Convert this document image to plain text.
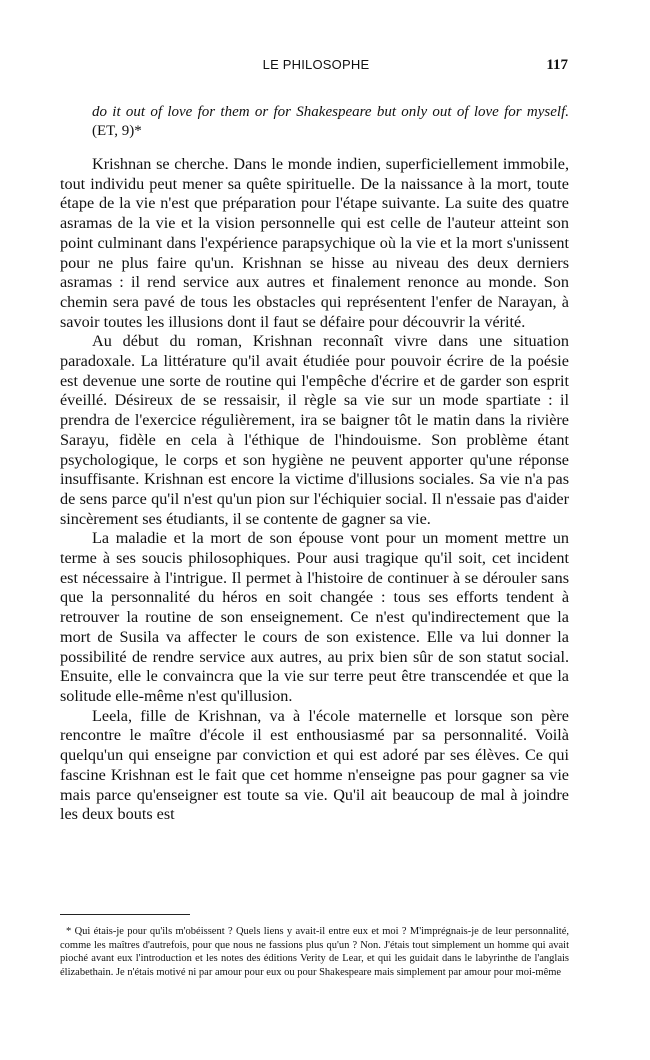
LE PHILOSOPHE	117

do it out of love for them or for Shakespeare but only out of love for myself.(ET, 9)*

Krishnan se cherche. Dans le monde indien, superficiellement immobile, tout individu peut mener sa quête spirituelle. De la naissance à la mort, toute étape de la vie n'est que préparation pour l'étape suivante. La suite des quatre asramas de la vie et la vision personnelle qui est celle de l'auteur atteint son point culminant dans l'expérience parapsychique où la vie et la mort s'unissent pour ne plus faire qu'un. Krishnan se hisse au niveau des deux derniers asramas : il rend service aux autres et finalement renonce au monde. Son chemin sera pavé de tous les obstacles qui représentent l'enfer de Narayan, à savoir toutes les illusions dont il faut se défaire pour découvrir la vérité.

Au début du roman, Krishnan reconnaît vivre dans une situation paradoxale. La littérature qu'il avait étudiée pour pouvoir écrire de la poésie est devenue une sorte de routine qui l'empêche d'écrire et de garder son esprit éveillé. Désireux de se ressaisir, il règle sa vie sur un mode spartiate : il prendra de l'exercice régulièrement, ira se baigner tôt le matin dans la rivière Sarayu, fidèle en cela à l'éthique de l'hindouisme. Son problème étant psychologique, le corps et son hygiène ne peuvent apporter qu'une réponse insuffisante. Krishnan est encore la victime d'illusions sociales. Sa vie n'a pas de sens parce qu'il n'est qu'un pion sur l'échiquier social. Il n'essaie pas d'aider sincèrement ses étudiants, il se contente de gagner sa vie.

La maladie et la mort de son épouse vont pour un moment mettre un terme à ses soucis philosophiques. Pour ausi tragique qu'il soit, cet incident est nécessaire à l'intrigue. Il permet à l'histoire de continuer à se dérouler sans que la personnalité du héros en soit changée : tous ses efforts tendent à retrouver la routine de son enseignement. Ce n'est qu'indirectement que la mort de Susila va affecter le cours de son existence. Elle va lui donner la possibilité de rendre service aux autres, au prix bien sûr de son statut social. Ensuite, elle le convaincra que la vie sur terre peut être transcendée et que la solitude elle-même n'est qu'illusion.

Leela, fille de Krishnan, va à l'école maternelle et lorsque son père rencontre le maître d'école il est enthousiasmé par sa personnalité. Voilà quelqu'un qui enseigne par conviction et qui est adoré par ses élèves. Ce qui fascine Krishnan est le fait que cet homme n'enseigne pas pour gagner sa vie mais parce qu'enseigner est toute sa vie. Qu'il ait beaucoup de mal à joindre les deux bouts est

* Qui étais-je pour qu'ils m'obéissent ? Quels liens y avait-il entre eux et moi ? M'imprégnais-je de leur personnalité, comme les maîtres d'autrefois, pour que nous ne fassions plus qu'un ? Non. J'étais tout simplement un homme qui avait pioché avant eux l'introduction et les notes des éditions Verity de Lear, et qui les guidait dans le labyrinthe de l'anglais élizabethain. Je n'étais motivé ni par amour pour eux ou pour Shakespeare mais simplement par amour pour moi-même
